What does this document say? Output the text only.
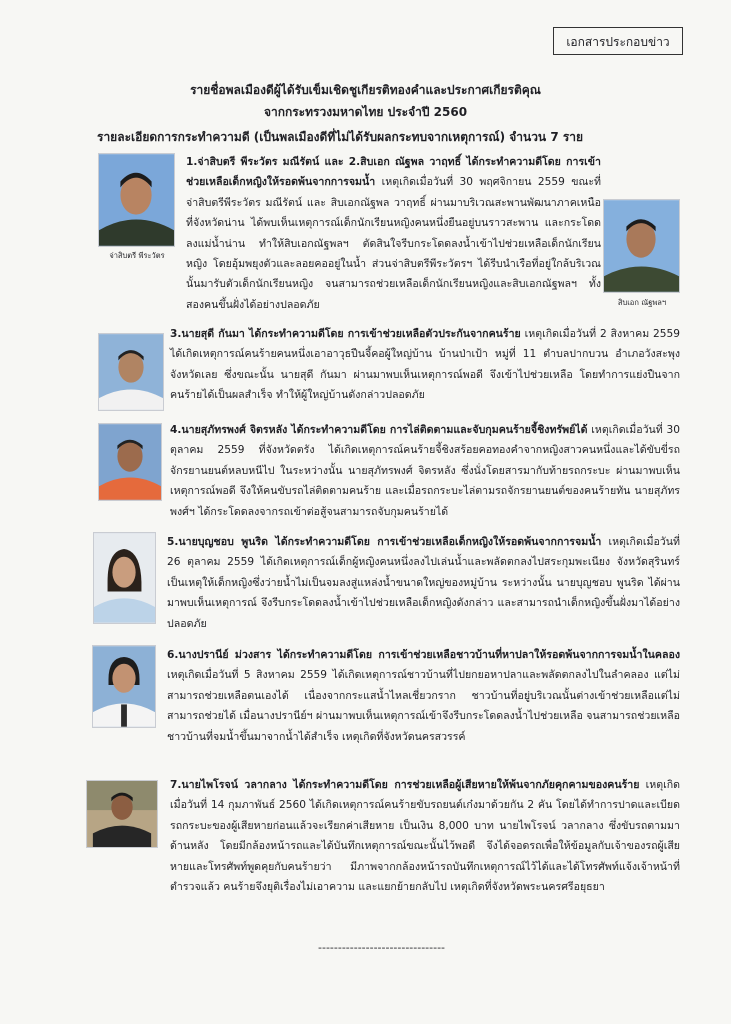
เอกสารประกอบข่าว
รายชื่อพลเมืองดีผู้ได้รับเข็มเชิดชูเกียรติทองคำและประกาศเกียรติคุณ
จากกระทรวงมหาดไทย ประจำปี 2560
รายละเอียดการกระทำความดี (เป็นพลเมืองดีที่ไม่ได้รับผลกระทบจากเหตุการณ์) จำนวน 7 ราย
จ่าสิบตรี พีระวัตร
สิบเอก ณัฐพลฯ
1.จ่าสิบตรี พีระวัตร มณีรัตน์ และ 2.สิบเอก ณัฐพล วาฤทธิ์ ได้กระทำความดีโดย การเข้าช่วยเหลือเด็กหญิงให้รอดพ้นจากการจมน้ำ เหตุเกิดเมื่อวันที่ 30 พฤศจิกายน 2559 ขณะที่ จ่าสิบตรีพีระวัตร มณีรัตน์ และ สิบเอกณัฐพล วาฤทธิ์ ผ่านมาบริเวณสะพานพัฒนาภาคเหนือ ที่จังหวัดน่าน ได้พบเห็นเหตุการณ์เด็กนักเรียนหญิงคนหนึ่งยืนอยู่บนราวสะพาน และกระโดดลงแม่น้ำน่าน ทำให้สิบเอกณัฐพลฯ ตัดสินใจรีบกระโดดลงน้ำเข้าไปช่วยเหลือเด็กนักเรียนหญิง โดยอุ้มพยุงตัวและลอยคออยู่ในน้ำ ส่วนจ่าสิบตรีพีระวัตรฯ ได้รีบนำเรือที่อยู่ใกล้บริเวณนั้นมารับตัวเด็กนักเรียนหญิง จนสามารถช่วยเหลือเด็กนักเรียนหญิงและสิบเอกณัฐพลฯ ทั้งสองคนขึ้นฝั่งได้อย่างปลอดภัย
3.นายสุดี กันมา ได้กระทำความดีโดย การเข้าช่วยเหลือตัวประกันจากคนร้าย เหตุเกิดเมื่อวันที่ 2 สิงหาคม 2559 ได้เกิดเหตุการณ์คนร้ายคนหนึ่งเอาอาวุธปืนจี้คอผู้ใหญ่บ้าน บ้านป่าเป้า หมู่ที่ 11 ตำบลปากบวน อำเภอวังสะพุง จังหวัดเลย ซึ่งขณะนั้น นายสุดี กันมา ผ่านมาพบเห็นเหตุการณ์พอดี จึงเข้าไปช่วยเหลือ โดยทำการแย่งปืนจากคนร้ายได้เป็นผลสำเร็จ ทำให้ผู้ใหญ่บ้านดังกล่าวปลอดภัย
4.นายสุภัทรพงศ์ จิตรหลัง ได้กระทำความดีโดย การไล่ติดตามและจับกุมคนร้ายจี้ชิงทรัพย์ได้ เหตุเกิดเมื่อวันที่ 30 ตุลาคม 2559 ที่จังหวัดตรัง ได้เกิดเหตุการณ์คนร้ายจี้ชิงสร้อยคอทองคำจากหญิงสาวคนหนึ่งและได้ขับขี่รถจักรยานยนต์หลบหนีไป ในระหว่างนั้น นายสุภัทรพงศ์ จิตรหลัง ซึ่งนั่งโดยสารมากับท้ายรถกระบะ ผ่านมาพบเห็นเหตุการณ์พอดี จึงให้คนขับรถไล่ติดตามคนร้าย และเมื่อรถกระบะไล่ตามรถจักรยานยนต์ของคนร้ายทัน นายสุภัทรพงศ์ฯ ได้กระโดดลงจากรถเข้าต่อสู้จนสามารถจับกุมคนร้ายได้
5.นายบุญชอบ พูนริด ได้กระทำความดีโดย การเข้าช่วยเหลือเด็กหญิงให้รอดพ้นจากการจมน้ำ เหตุเกิดเมื่อวันที่ 26 ตุลาคม 2559 ได้เกิดเหตุการณ์เด็กผู้หญิงคนหนึ่งลงไปเล่นน้ำและพลัดตกลงไปสระกุมพะเนียง จังหวัดสุรินทร์ เป็นเหตุให้เด็กหญิงซึ่งว่ายน้ำไม่เป็นจมลงสู่แหล่งน้ำขนาดใหญ่ของหมู่บ้าน ระหว่างนั้น นายบุญชอบ พูนริด ได้ผ่านมาพบเห็นเหตุการณ์ จึงรีบกระโดดลงน้ำเข้าไปช่วยเหลือเด็กหญิงดังกล่าว และสามารถนำเด็กหญิงขึ้นฝั่งมาได้อย่างปลอดภัย
6.นางปรานีย์ ม่วงสาร ได้กระทำความดีโดย การเข้าช่วยเหลือชาวบ้านที่หาปลาให้รอดพ้นจากการจมน้ำในคลอง เหตุเกิดเมื่อวันที่ 5 สิงหาคม 2559 ได้เกิดเหตุการณ์ชาวบ้านที่ไปยกยอหาปลาและพลัดตกลงไปในลำคลอง แต่ไม่สามารถช่วยเหลือตนเองได้ เนื่องจากกระแสน้ำไหลเชี่ยวกราก ชาวบ้านที่อยู่บริเวณนั้นต่างเข้าช่วยเหลือแต่ไม่สามารถช่วยได้ เมื่อนางปรานีย์ฯ ผ่านมาพบเห็นเหตุการณ์เข้าจึงรีบกระโดดลงน้ำไปช่วยเหลือ จนสามารถช่วยเหลือชาวบ้านที่จมน้ำขึ้นมาจากน้ำได้สำเร็จ เหตุเกิดที่จังหวัดนครสวรรค์
7.นายไพโรจน์ วลากลาง ได้กระทำความดีโดย การช่วยเหลือผู้เสียหายให้พ้นจากภัยคุกคามของคนร้าย เหตุเกิดเมื่อวันที่ 14 กุมภาพันธ์ 2560 ได้เกิดเหตุการณ์คนร้ายขับรถยนต์เก๋งมาด้วยกัน 2 คัน โดยได้ทำการปาดและเบียดรถกระบะของผู้เสียหายก่อนแล้วจะเรียกค่าเสียหาย เป็นเงิน 8,000 บาท นายไพโรจน์ วลากลาง ซึ่งขับรถตามมาด้านหลัง โดยมีกล้องหน้ารถและได้บันทึกเหตุการณ์ขณะนั้นไว้พอดี จึงได้จอดรถเพื่อให้ข้อมูลกับเจ้าของรถผู้เสียหายและโทรศัพท์พูดคุยกับคนร้ายว่า มีภาพจากกล้องหน้ารถบันทึกเหตุการณ์ไว้ได้และได้โทรศัพท์แจ้งเจ้าหน้าที่ตำรวจแล้ว คนร้ายจึงยุติเรื่องไม่เอาความ และแยกย้ายกลับไป เหตุเกิดที่จังหวัดพระนครศรีอยุธยา
--------------------------------
